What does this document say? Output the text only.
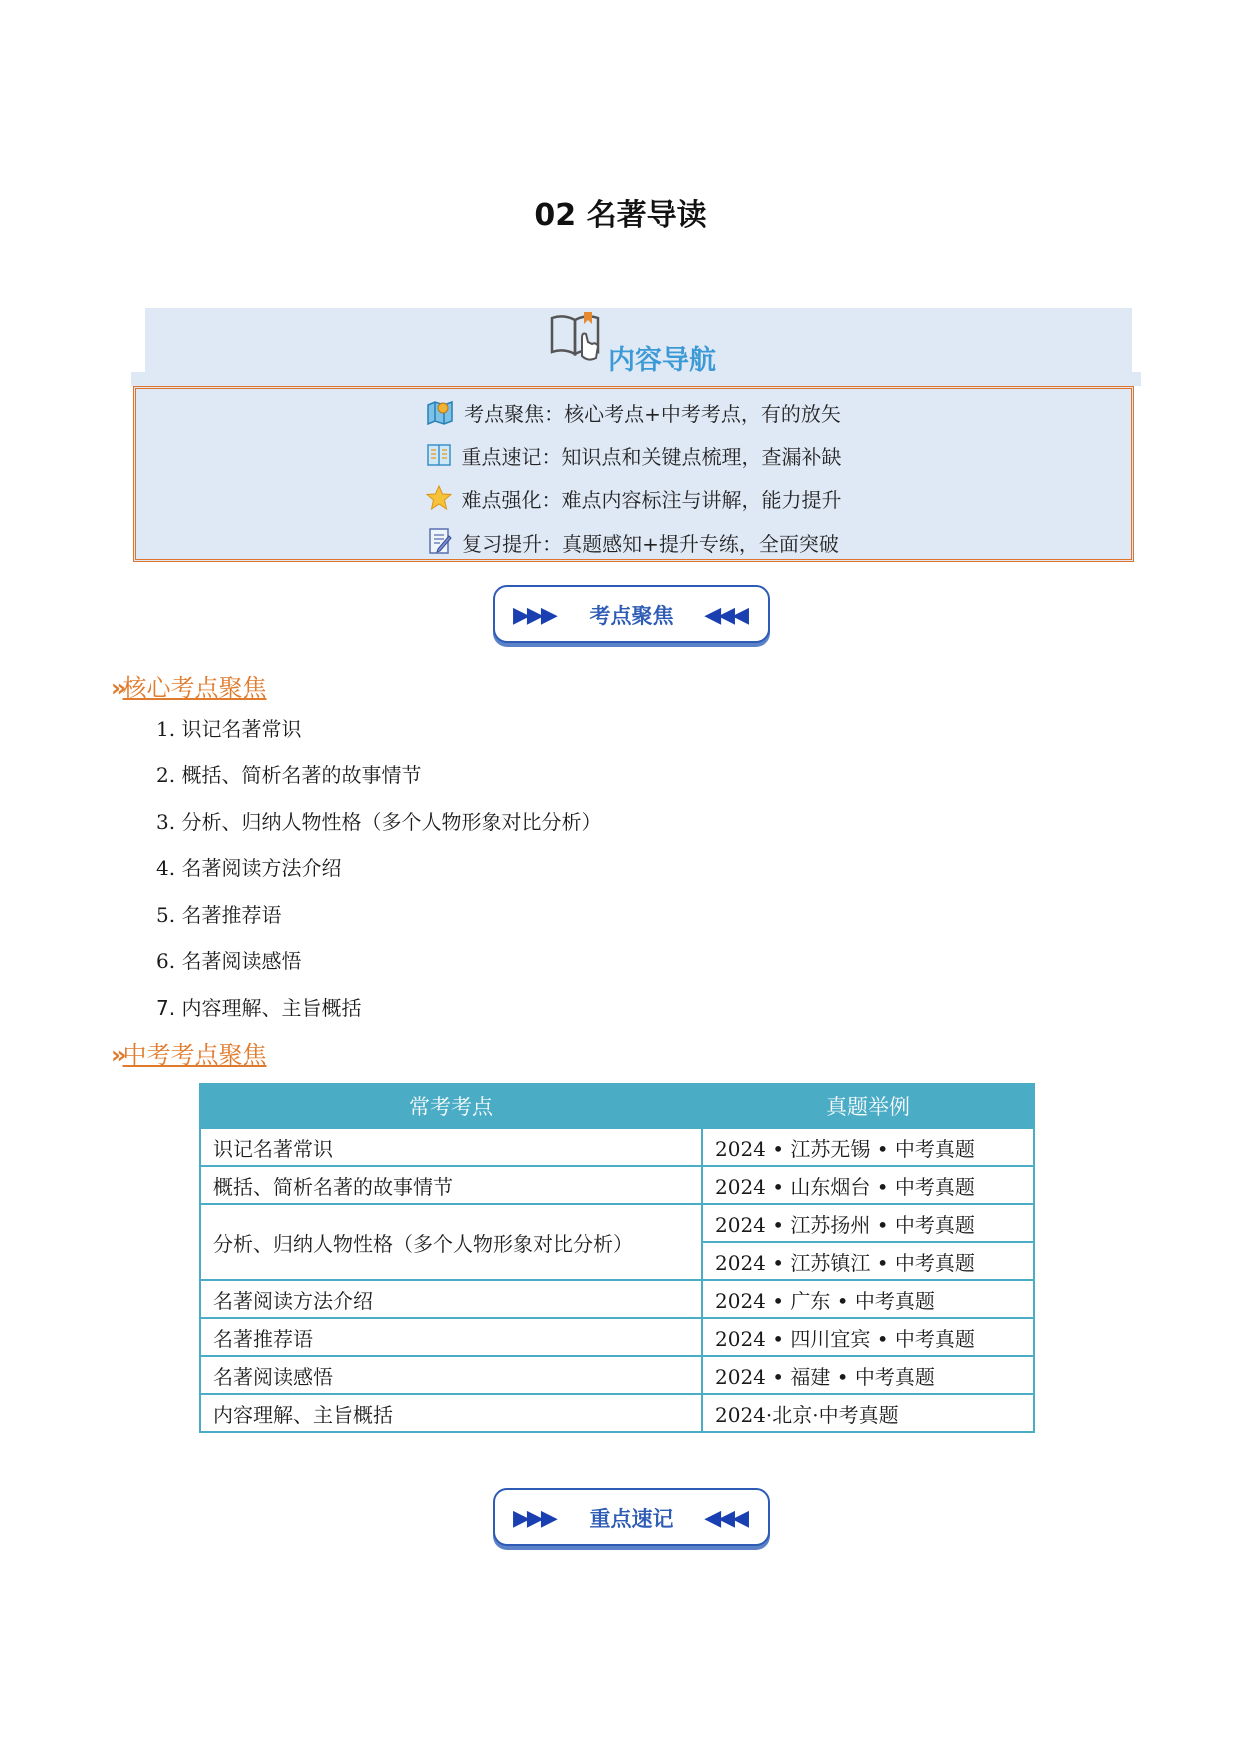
02 名著导读
内容导航
考点聚焦：核心考点+中考考点，有的放矢
重点速记：知识点和关键点梳理，查漏补缺
难点强化：难点内容标注与讲解，能力提升
复习提升：真题感知+提升专练，全面突破
▶▶▶	考点聚焦	◀◀◀
»核心考点聚焦
1. 识记名著常识
2. 概括、简析名著的故事情节
3. 分析、归纳人物性格（多个人物形象对比分析）
4. 名著阅读方法介绍
5. 名著推荐语
6. 名著阅读感悟
7. 内容理解、主旨概括
»中考考点聚焦
常考考点	真题举例
识记名著常识	2024 • 江苏无锡 • 中考真题
概括、简析名著的故事情节	2024 • 山东烟台 • 中考真题
分析、归纳人物性格（多个人物形象对比分析）	2024 • 江苏扬州 • 中考真题
	2024 • 江苏镇江 • 中考真题
名著阅读方法介绍	2024 • 广东 • 中考真题
名著推荐语	2024 • 四川宜宾 • 中考真题
名著阅读感悟	2024 • 福建 • 中考真题
内容理解、主旨概括	2024·北京·中考真题
▶▶▶	重点速记	◀◀◀
